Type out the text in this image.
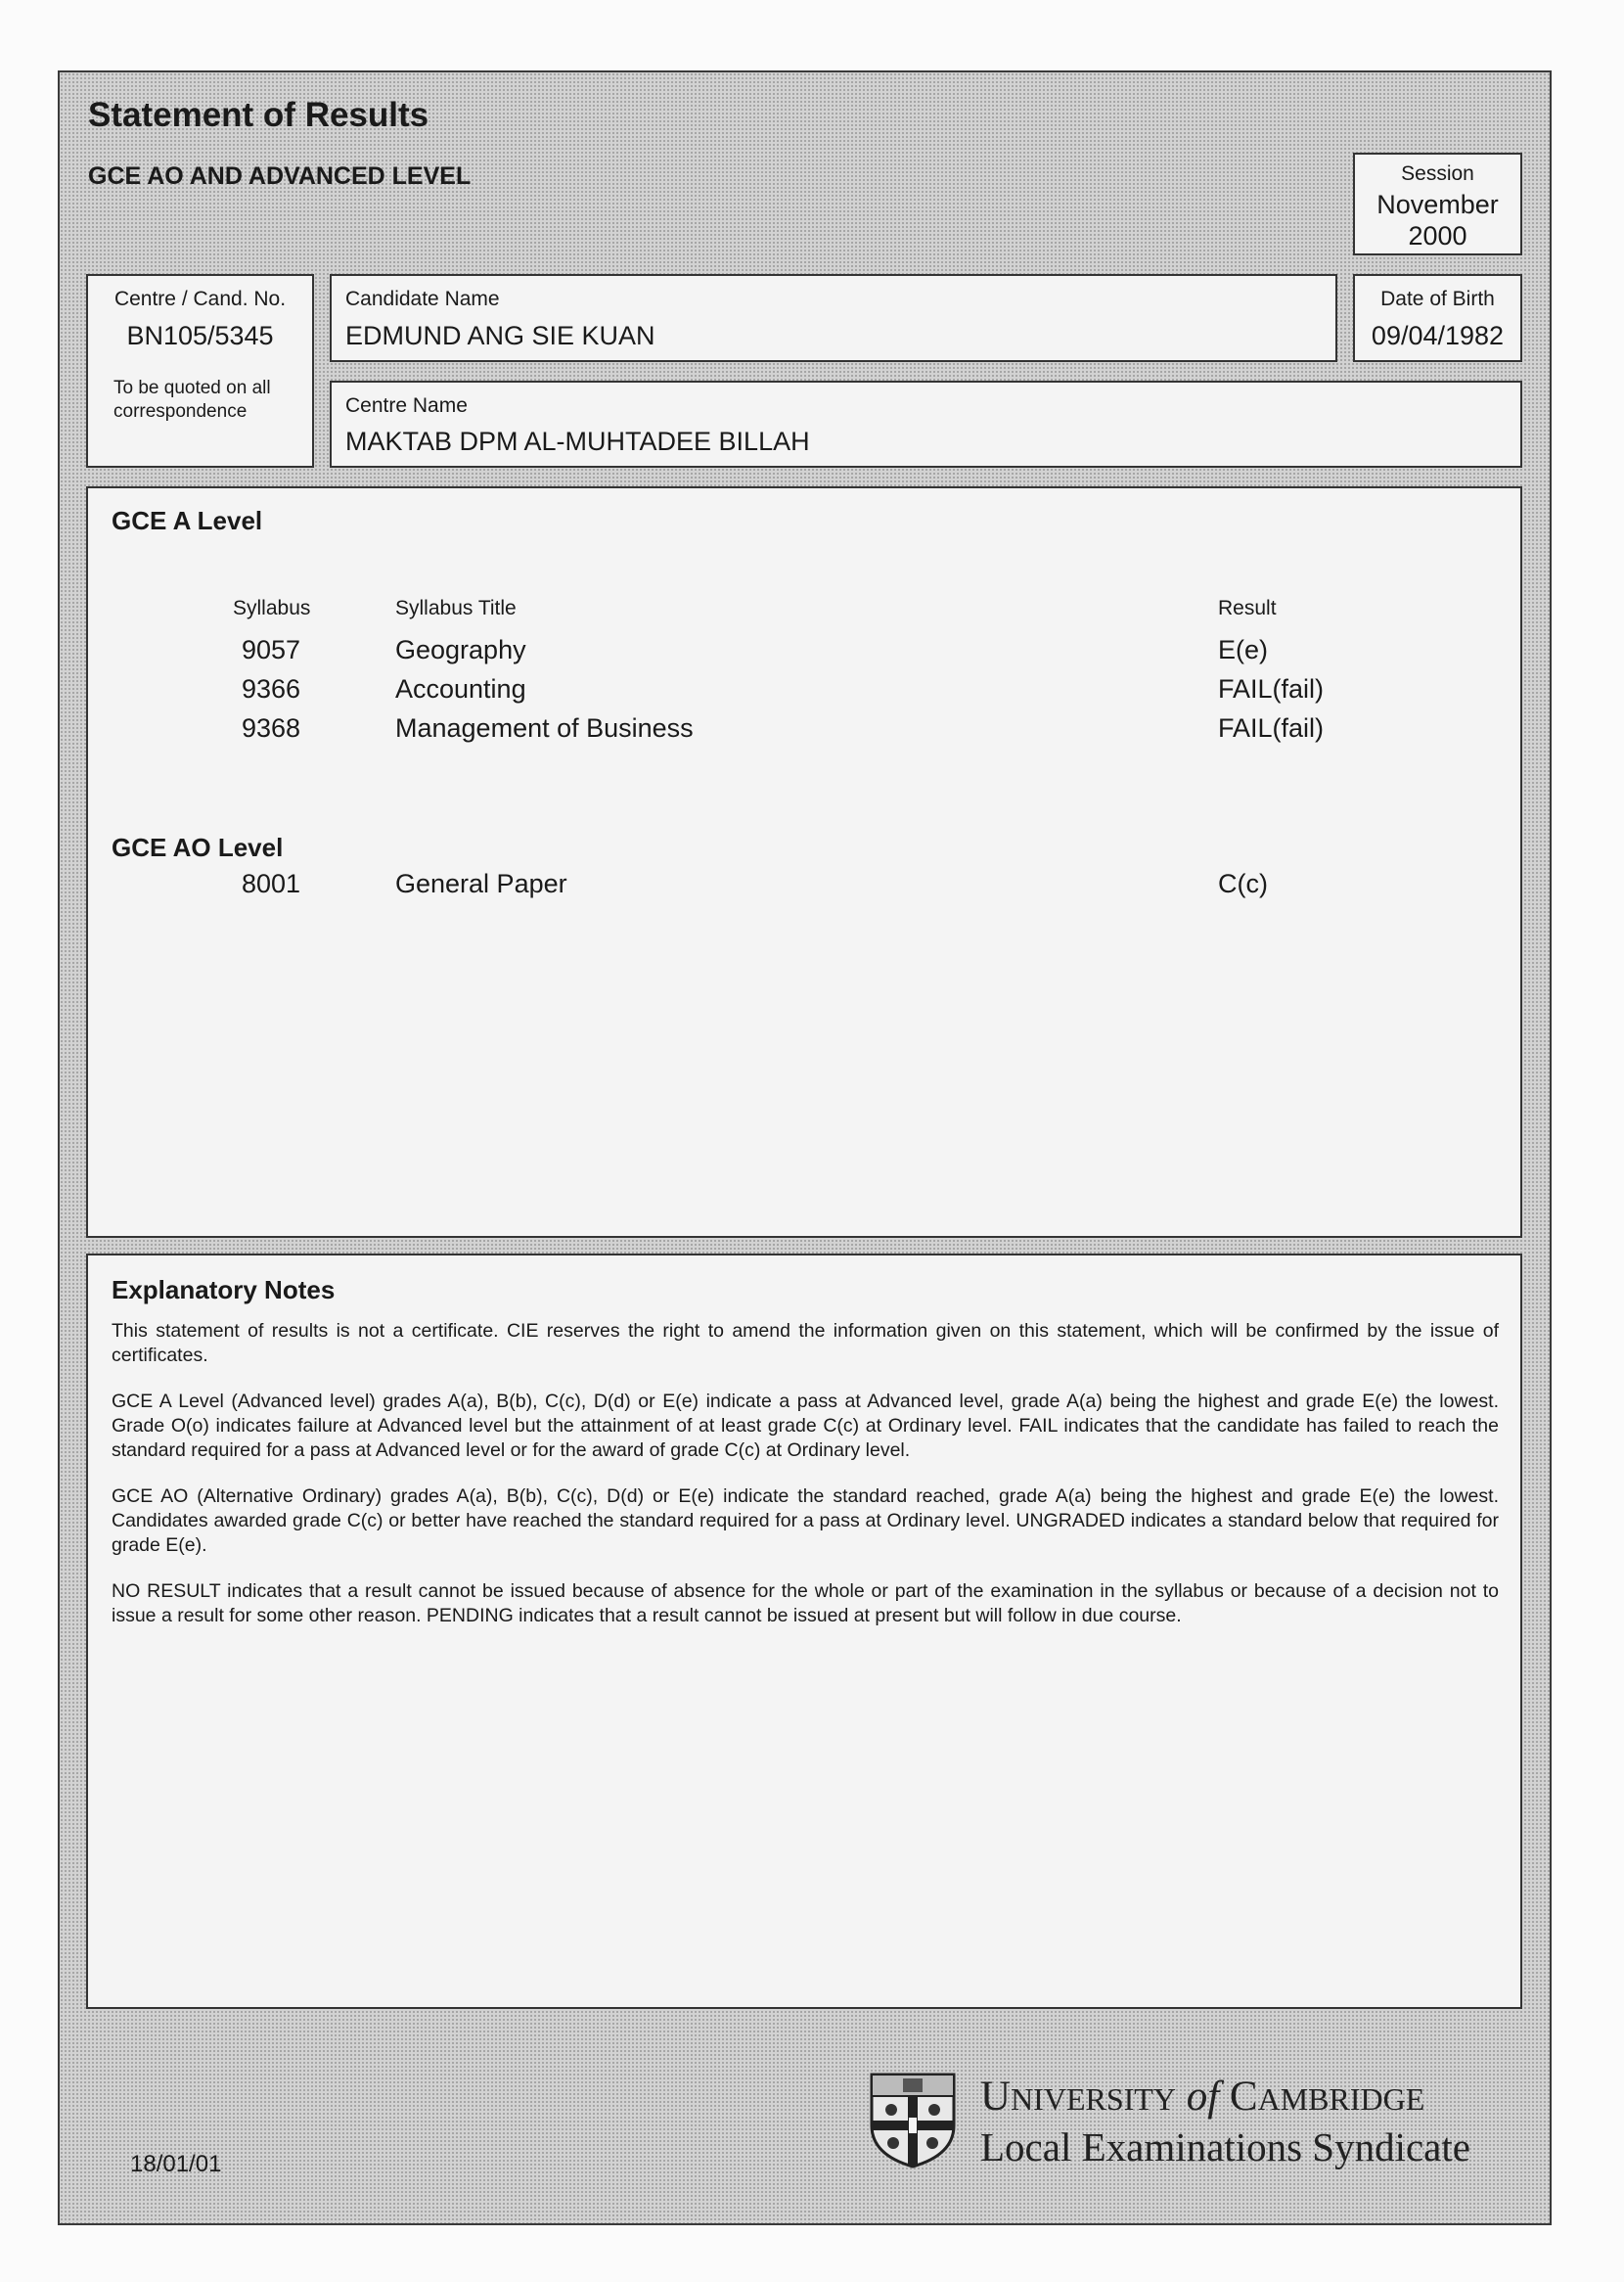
Statement of Results
GCE AO AND ADVANCED LEVEL	Session
November
2000
Centre / Cand. No.
BN105/5345
To be quoted on all
correspondence
Candidate Name
EDMUND ANG SIE KUAN
Date of Birth
09/04/1982
Centre Name
MAKTAB DPM AL-MUHTADEE BILLAH
GCE A Level
Syllabus	Syllabus Title	Result
9057	Geography	E(e)
9366	Accounting	FAIL(fail)
9368	Management of Business	FAIL(fail)
GCE AO Level
8001	General Paper	C(c)
Explanatory Notes
This statement of results is not a certificate. CIE reserves the right to amend the information given on this statement, which will be confirmed by the issue of certificates.
GCE A Level (Advanced level) grades A(a), B(b), C(c), D(d) or E(e) indicate a pass at Advanced level, grade A(a) being the highest and grade E(e) the lowest. Grade O(o) indicates failure at Advanced level but the attainment of at least grade C(c) at Ordinary level. FAIL indicates that the candidate has failed to reach the standard required for a pass at Advanced level or for the award of grade C(c) at Ordinary level.
GCE AO (Alternative Ordinary) grades A(a), B(b), C(c), D(d) or E(e) indicate the standard reached, grade A(a) being the highest and grade E(e) the lowest. Candidates awarded grade C(c) or better have reached the standard required for a pass at Ordinary level. UNGRADED indicates a standard below that required for grade E(e).
NO RESULT indicates that a result cannot be issued because of absence for the whole or part of the examination in the syllabus or because of a decision not to issue a result for some other reason. PENDING indicates that a result cannot be issued at present but will follow in due course.
18/01/01
UNIVERSITY of CAMBRIDGE
Local Examinations Syndicate
